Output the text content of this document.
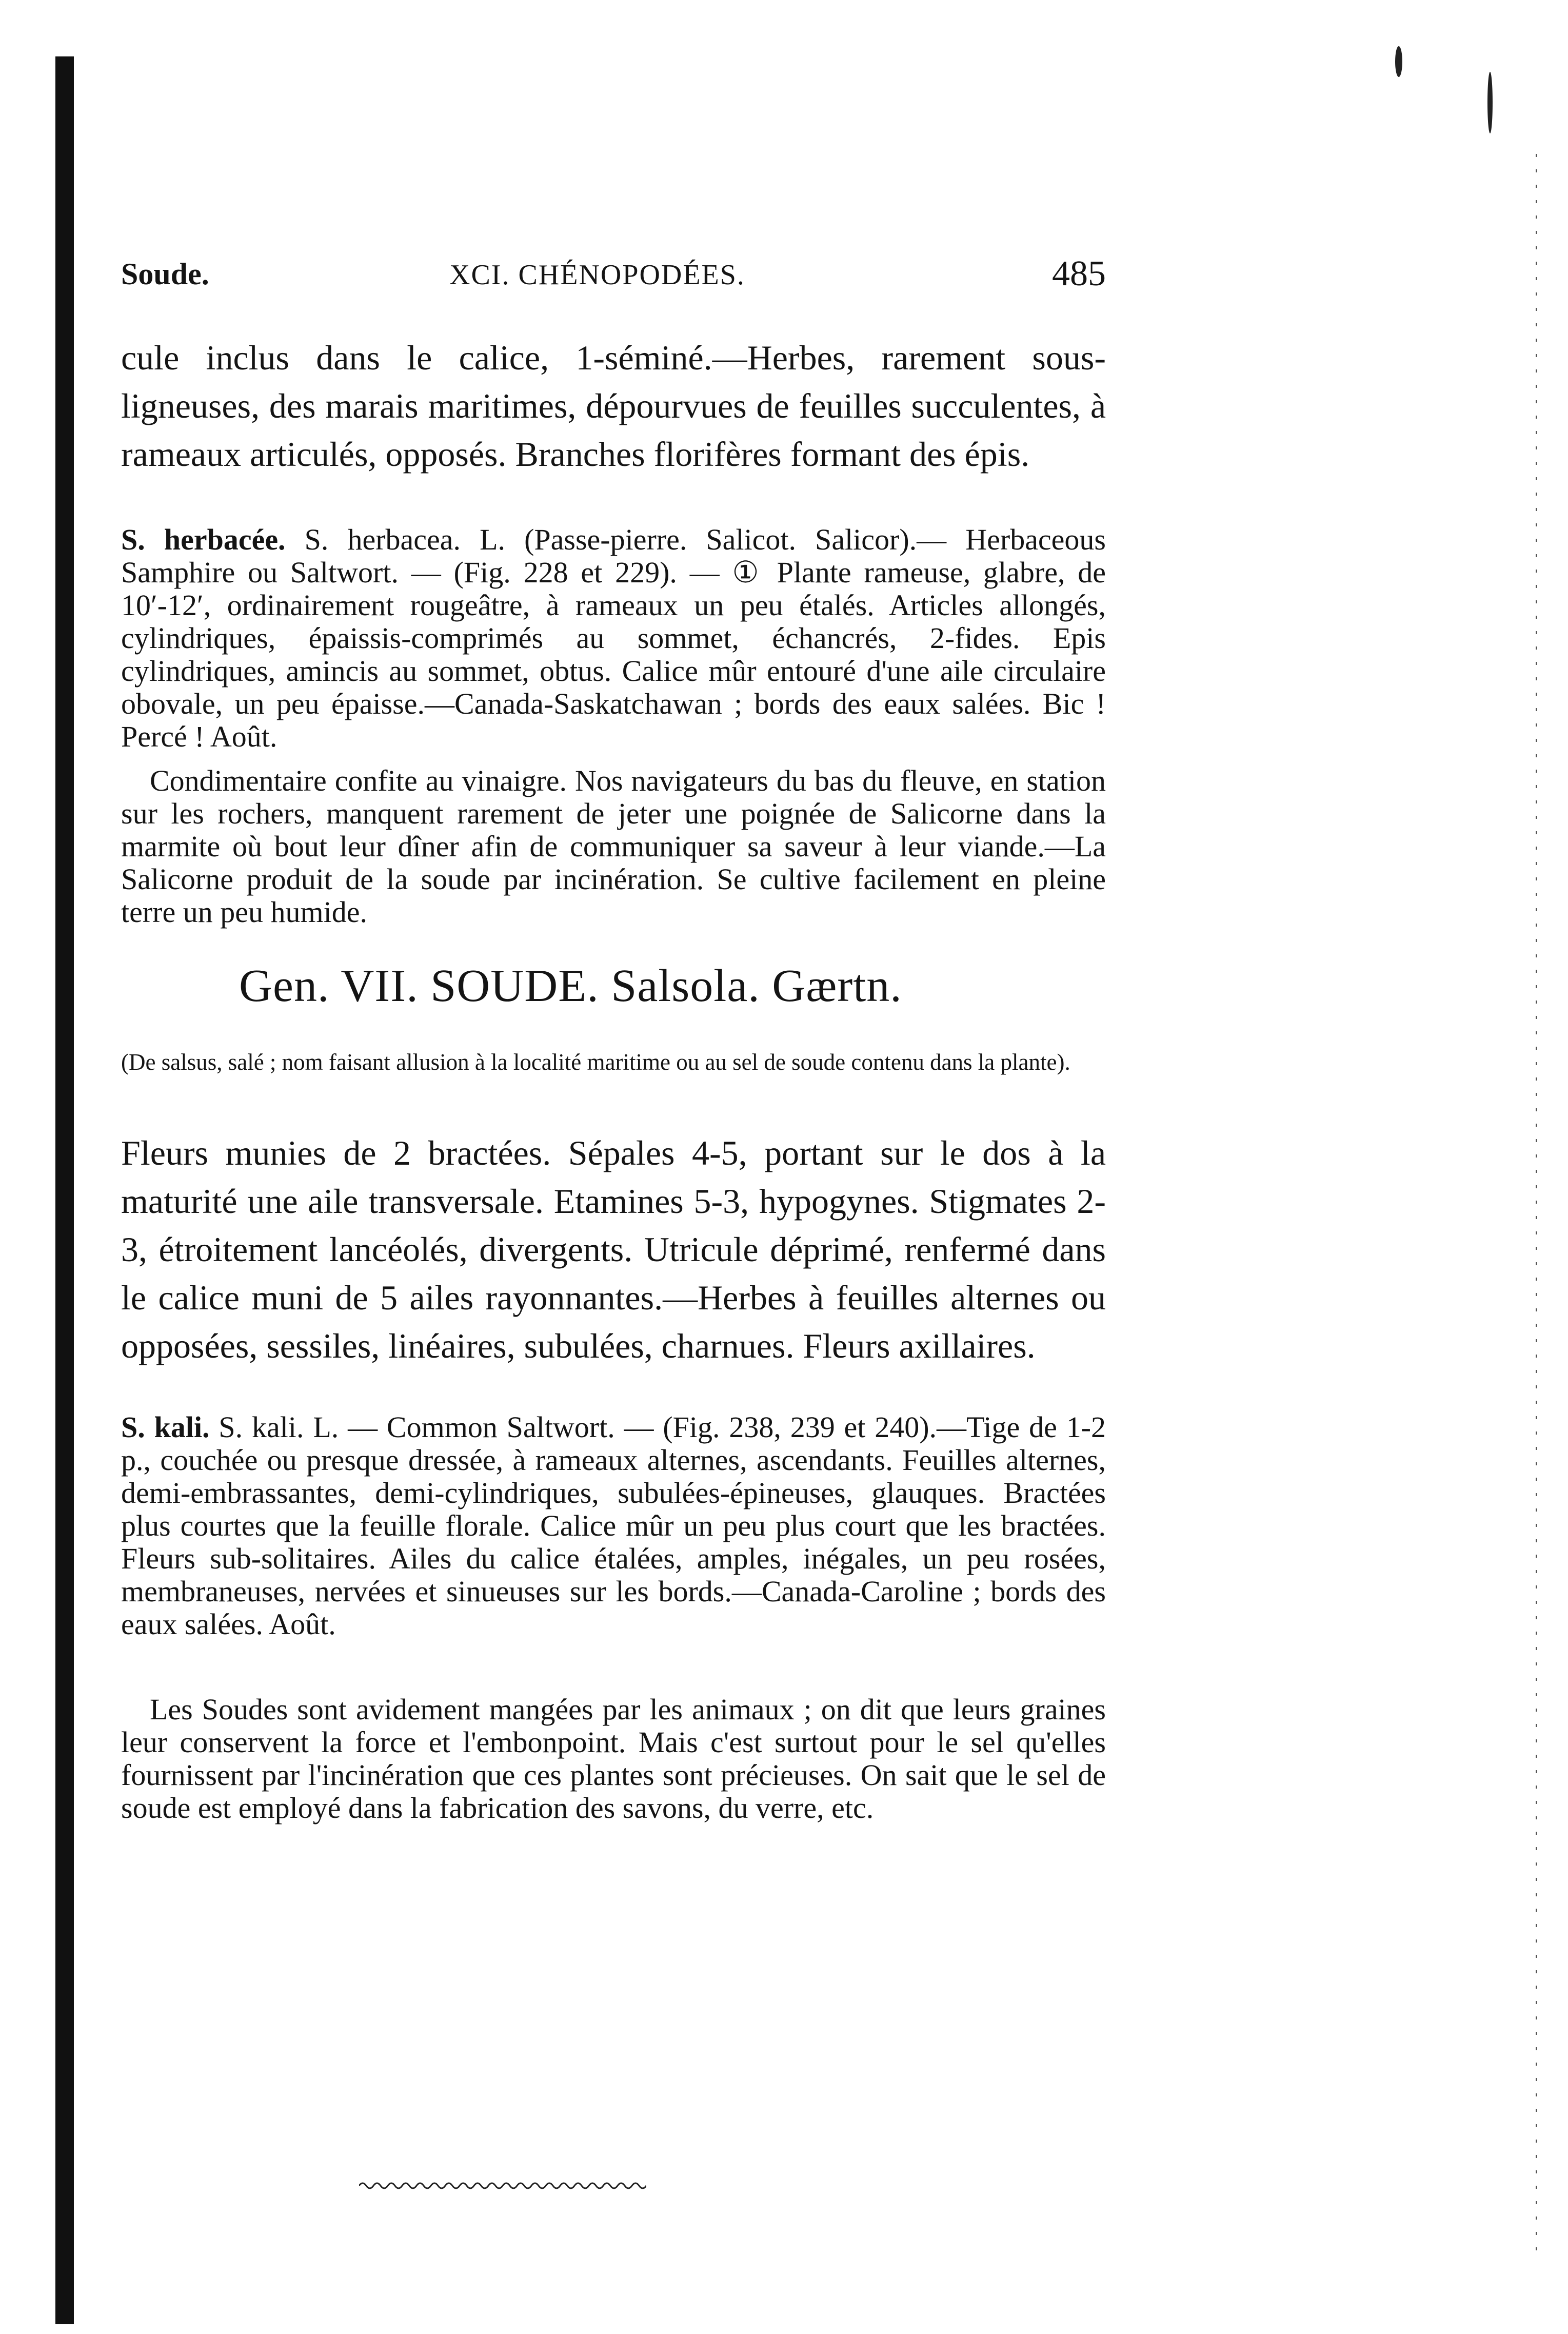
Soude.	XCI. CHÉNOPODÉES.	485
cule inclus dans le calice, 1-séminé.—Herbes, rarement sous-ligneuses, des marais maritimes, dépourvues de feuilles succulentes, à rameaux articulés, opposés. Branches florifères formant des épis.
S. herbacée. S. herbacea. L. (Passe-pierre. Salicot. Salicor).— Herbaceous Samphire ou Saltwort. — (Fig. 228 et 229). — ① Plante rameuse, glabre, de 10′-12′, ordinairement rougeâtre, à rameaux un peu étalés. Articles allongés, cylindriques, épaissis-comprimés au sommet, échancrés, 2-fides. Epis cylindriques, amincis au sommet, obtus. Calice mûr entouré d'une aile circulaire obovale, un peu épaisse.—Canada-Saskatchawan ; bords des eaux salées. Bic ! Percé ! Août.
Condimentaire confite au vinaigre. Nos navigateurs du bas du fleuve, en station sur les rochers, manquent rarement de jeter une poignée de Salicorne dans la marmite où bout leur dîner afin de communiquer sa saveur à leur viande.—La Salicorne produit de la soude par incinération. Se cultive facilement en pleine terre un peu humide.
Gen. VII. SOUDE. Salsola. Gærtn.
(De salsus, salé ; nom faisant allusion à la localité maritime ou au sel de soude contenu dans la plante).
Fleurs munies de 2 bractées. Sépales 4-5, portant sur le dos à la maturité une aile transversale. Etamines 5-3, hypogynes. Stigmates 2-3, étroitement lancéolés, divergents. Utricule déprimé, renfermé dans le calice muni de 5 ailes rayonnantes.—Herbes à feuilles alternes ou opposées, sessiles, linéaires, subulées, charnues. Fleurs axillaires.
S. kali. S. kali. L. — Common Saltwort. — (Fig. 238, 239 et 240).—Tige de 1-2 p., couchée ou presque dressée, à rameaux alternes, ascendants. Feuilles alternes, demi-embrassantes, demi-cylindriques, subulées-épineuses, glauques. Bractées plus courtes que la feuille florale. Calice mûr un peu plus court que les bractées. Fleurs sub-solitaires. Ailes du calice étalées, amples, inégales, un peu rosées, membraneuses, nervées et sinueuses sur les bords.—Canada-Caroline ; bords des eaux salées. Août.
Les Soudes sont avidement mangées par les animaux ; on dit que leurs graines leur conservent la force et l'embonpoint. Mais c'est surtout pour le sel qu'elles fournissent par l'incinération que ces plantes sont précieuses. On sait que le sel de soude est employé dans la fabrication des savons, du verre, etc.
